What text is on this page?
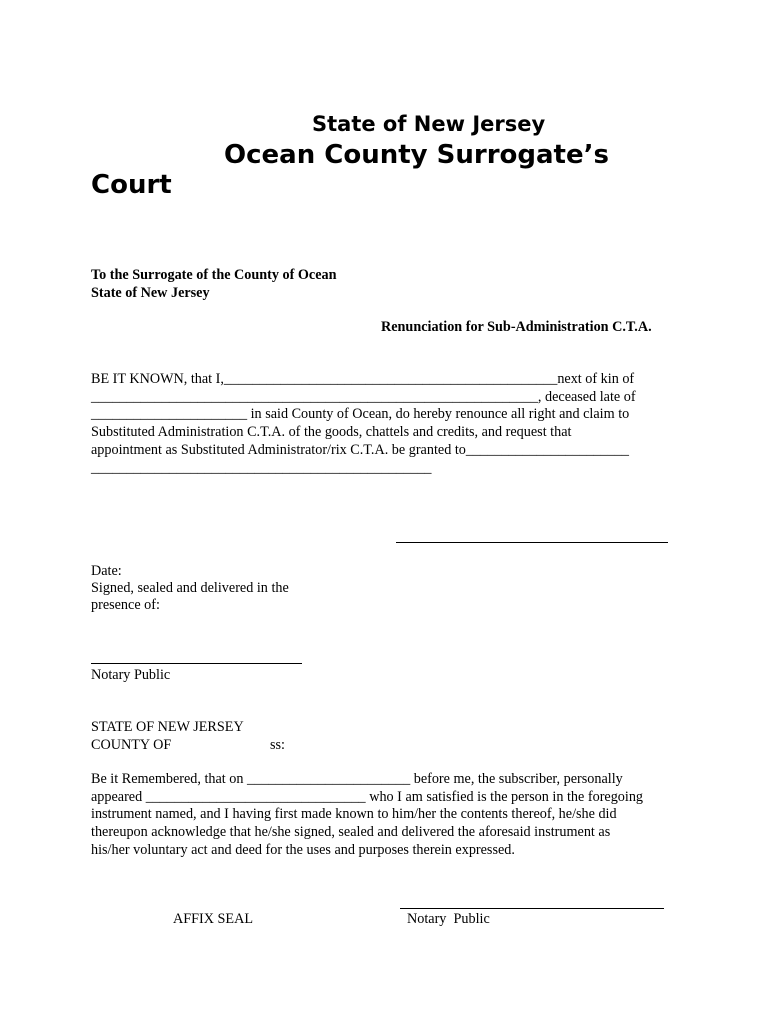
State of New Jersey
Ocean County Surrogate’s
Court
To the Surrogate of the County of Ocean
State of New Jersey
Renunciation for Sub-Administration C.T.A.
BE IT KNOWN, that I,_______________________________________________next of kin of
_______________________________________________________________, deceased late of
______________________ in said County of Ocean, do hereby renounce all right and claim to
Substituted Administration C.T.A. of the goods, chattels and credits, and request that
appointment as Substituted Administrator/rix C.T.A. be granted to_______________________
________________________________________________
Date:
Signed, sealed and delivered in the
presence of:
Notary Public
STATE OF NEW JERSEY
COUNTY OF	ss:
Be it Remembered, that on _______________________ before me, the subscriber, personally
appeared _______________________________ who I am satisfied is the person in the foregoing
instrument named, and I having first made known to him/her the contents thereof, he/she did
thereupon acknowledge that he/she signed, sealed and delivered the aforesaid instrument as
his/her voluntary act and deed for the uses and purposes therein expressed.
AFFIX SEAL	Notary  Public
